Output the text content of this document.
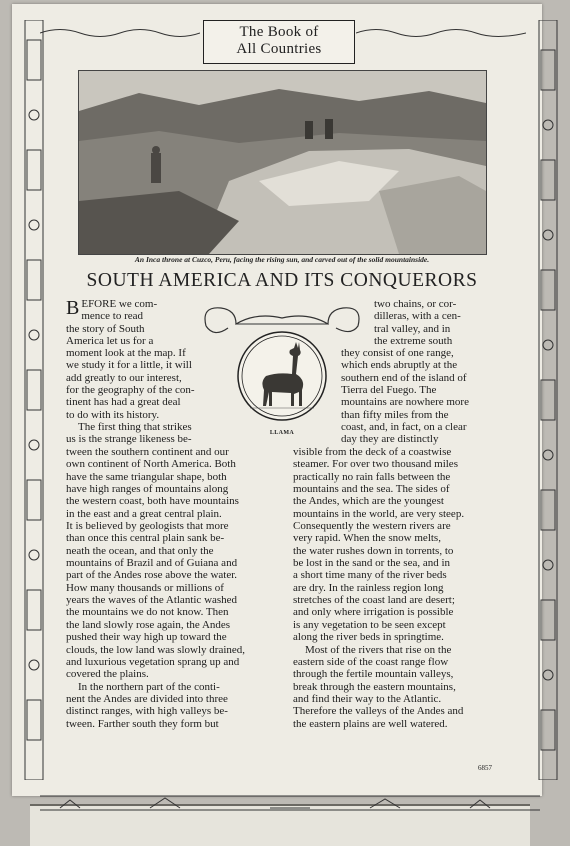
The Book of
All Countries
An Inca throne at Cuzco, Peru, facing the rising sun, and carved out of the solid mountainside.
SOUTH AMERICA AND ITS CONQUERORS
B EFORE we com-
mence to read
the story of South
America let us for a
moment look at the map. If
we study it for a little, it will
add greatly to our interest,
for the geography of the con-
tinent has had a great deal
to do with its history.
The first thing that strikes
us is the strange likeness be-
tween the southern continent and our
own continent of North America. Both
have the same triangular shape, both
have high ranges of mountains along
the western coast, both have mountains
in the east and a great central plain.
It is believed by geologists that more
than once this central plain sank be-
neath the ocean, and that only the
mountains of Brazil and of Guiana and
part of the Andes rose above the water.
How many thousands or millions of
years the waves of the Atlantic washed
the mountains we do not know. Then
the land slowly rose again, the Andes
pushed their way high up toward the
clouds, the low land was slowly drained,
and luxurious vegetation sprang up and
covered the plains.
In the northern part of the conti-
nent the Andes are divided into three
distinct ranges, with high valleys be-
tween. Farther south they form but
LLAMA
two chains, or cor-
dilleras, with a cen-
tral valley, and in
the extreme south
they consist of one range,
which ends abruptly at the
southern end of the island of
Tierra del Fuego. The
mountains are nowhere more
than fifty miles from the
coast, and, in fact, on a clear
day they are distinctly
visible from the deck of a coastwise
steamer. For over two thousand miles
practically no rain falls between the
mountains and the sea. The sides of
the Andes, which are the youngest
mountains in the world, are very steep.
Consequently the western rivers are
very rapid. When the snow melts,
the water rushes down in torrents, to
be lost in the sand or the sea, and in
a short time many of the river beds
are dry. In the rainless region long
stretches of the coast land are desert;
and only where irrigation is possible
is any vegetation to be seen except
along the river beds in springtime.
Most of the rivers that rise on the
eastern side of the coast range flow
through the fertile mountain valleys,
break through the eastern mountains,
and find their way to the Atlantic.
Therefore the valleys of the Andes and
the eastern plains are well watered.
6857
